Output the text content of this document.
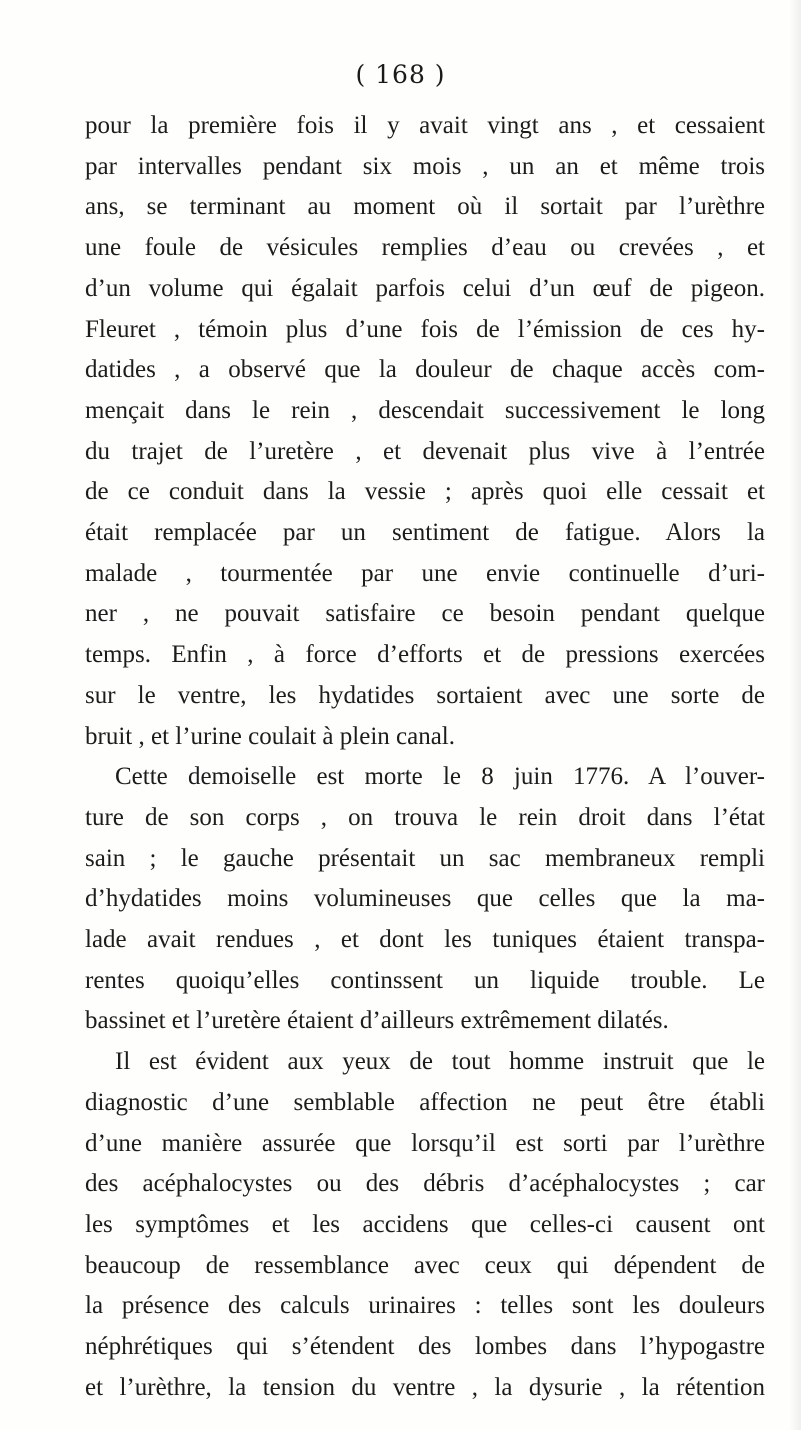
( 168 )
pour la première fois il y avait vingt ans , et cessaient
par intervalles pendant six mois , un an et même trois
ans, se terminant au moment où il sortait par l’urèthre
une foule de vésicules remplies d’eau ou crevées , et
d’un volume qui égalait parfois celui d’un œuf de pigeon.
Fleuret , témoin plus d’une fois de l’émission de ces hy-
datides , a observé que la douleur de chaque accès com-
mençait dans le rein , descendait successivement le long
du trajet de l’uretère , et devenait plus vive à l’entrée
de ce conduit dans la vessie ; après quoi elle cessait et
était remplacée par un sentiment de fatigue. Alors la
malade , tourmentée par une envie continuelle d’uri-
ner , ne pouvait satisfaire ce besoin pendant quelque
temps. Enfin , à force d’efforts et de pressions exercées
sur le ventre, les hydatides sortaient avec une sorte de
bruit , et l’urine coulait à plein canal.
Cette demoiselle est morte le 8 juin 1776. A l’ouver-
ture de son corps , on trouva le rein droit dans l’état
sain ; le gauche présentait un sac membraneux rempli
d’hydatides moins volumineuses que celles que la ma-
lade avait rendues , et dont les tuniques étaient transpa-
rentes quoiqu’elles continssent un liquide trouble. Le
bassinet et l’uretère étaient d’ailleurs extrêmement dilatés.
Il est évident aux yeux de tout homme instruit que le
diagnostic d’une semblable affection ne peut être établi
d’une manière assurée que lorsqu’il est sorti par l’urèthre
des acéphalocystes ou des débris d’acéphalocystes ; car
les symptômes et les accidens que celles-ci causent ont
beaucoup de ressemblance avec ceux qui dépendent de
la présence des calculs urinaires : telles sont les douleurs
néphrétiques qui s’étendent des lombes dans l’hypogastre
et l’urèthre, la tension du ventre , la dysurie , la rétention
